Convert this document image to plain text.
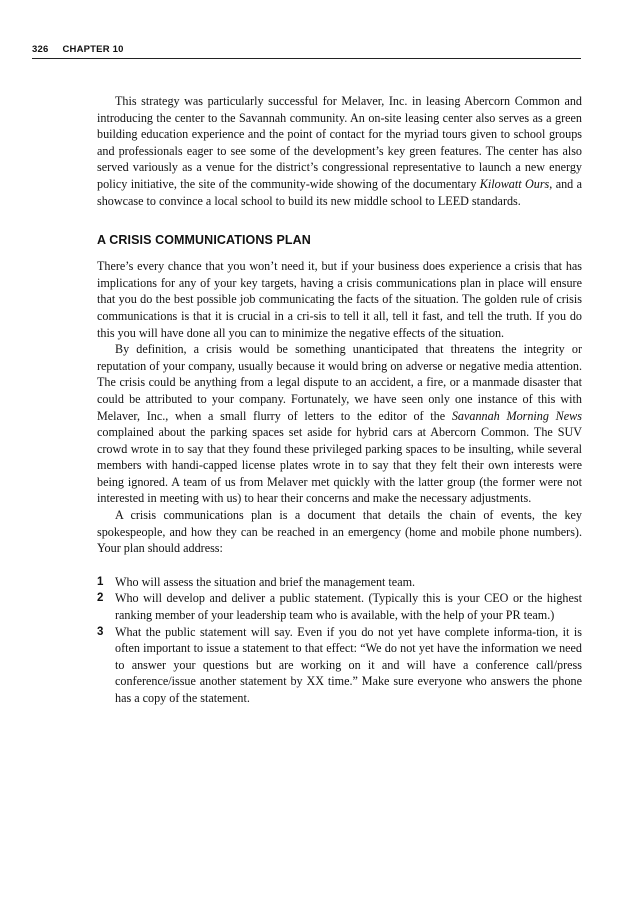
326 CHAPTER 10

This strategy was particularly successful for Melaver, Inc. in leasing Abercorn Common and introducing the center to the Savannah community. An on-site leasing center also serves as a green building education experience and the point of contact for the myriad tours given to school groups and professionals eager to see some of the development’s key green features. The center has also served variously as a venue for the district’s congressional representative to launch a new energy policy initiative, the site of the community-wide showing of the documentary Kilowatt Ours, and a showcase to convince a local school to build its new middle school to LEED standards.

A CRISIS COMMUNICATIONS PLAN

There’s every chance that you won’t need it, but if your business does experience a crisis that has implications for any of your key targets, having a crisis communications plan in place will ensure that you do the best possible job communicating the facts of the situation. The golden rule of crisis communications is that it is crucial in a cri-sis to tell it all, tell it fast, and tell the truth. If you do this you will have done all you can to minimize the negative effects of the situation.

By definition, a crisis would be something unanticipated that threatens the integrity or reputation of your company, usually because it would bring on adverse or negative media attention. The crisis could be anything from a legal dispute to an accident, a fire, or a manmade disaster that could be attributed to your company. Fortunately, we have seen only one instance of this with Melaver, Inc., when a small flurry of letters to the editor of the Savannah Morning News complained about the parking spaces set aside for hybrid cars at Abercorn Common. The SUV crowd wrote in to say that they found these privileged parking spaces to be insulting, while several members with handi-capped license plates wrote in to say that they felt their own interests were being ignored. A team of us from Melaver met quickly with the latter group (the former were not interested in meeting with us) to hear their concerns and make the necessary adjustments.

A crisis communications plan is a document that details the chain of events, the key spokespeople, and how they can be reached in an emergency (home and mobile phone numbers). Your plan should address:

1 Who will assess the situation and brief the management team.

2 Who will develop and deliver a public statement. (Typically this is your CEO or the highest ranking member of your leadership team who is available, with the help of your PR team.)

3 What the public statement will say. Even if you do not yet have complete informa-tion, it is often important to issue a statement to that effect: “We do not yet have the information we need to answer your questions but are working on it and will have a conference call/press conference/issue another statement by XX time.” Make sure everyone who answers the phone has a copy of the statement.
